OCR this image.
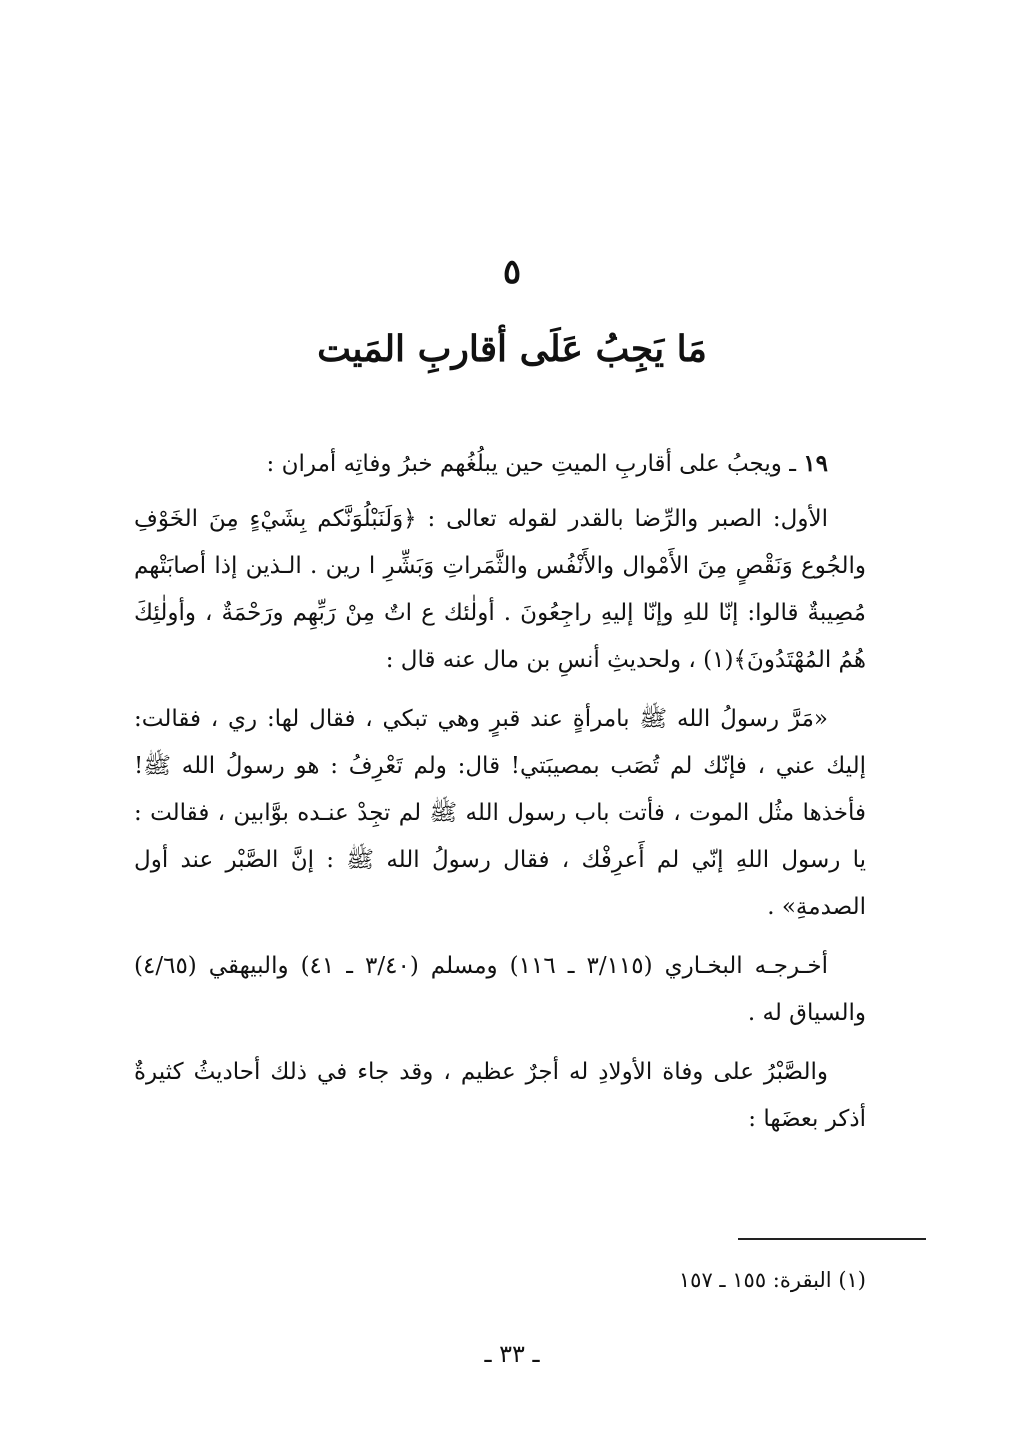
٥
مَا يَجِبُ عَلَى أقاربِ المَيت

١٩ ـ ويجبُ على أقاربِ الميتِ حين يبلُغُهم خبرُ وفاتِه أمران :

الأول: الصبر والرِّضا بالقدر لقوله تعالى : ﴿وَلَنَبْلُوَنَّكم بِشَيْءٍ مِنَ الخَوْفِ والجُوع وَنَقْصٍ مِنَ الأَمْوال والأَنْفُس والثَّمَراتِ وَبَشِّرِ ا رين . الـذين إذا أصابَتْهم مُصِيبةٌ قالوا: إنّا للهِ وإنّا إليهِ راجِعُونَ . أولٰئك ع اتٌ مِنْ رَبِّهِم ورَحْمَةٌ ، وأولٰئِكَ هُمُ المُهْتَدُونَ﴾(١) ، ولحديثِ أنسِ بن مال عنه قال :

«مَرَّ رسولُ الله ﷺ بامرأةٍ عند قبرٍ وهي تبكي ، فقال لها: ري ، فقالت: إليك عني ، فإنّك لم تُصَب بمصيبَتي! قال: ولم تَعْرِفُ : هو رسولُ الله ﷺ! فأخذها مثُل الموت ، فأتت باب رسول الله ﷺ لم تجِدْ عنـده بوَّابين ، فقالت : يا رسول اللهِ إنّي لم أَعرِفْك ، فقال رسولُ الله ﷺ : إنَّ الصَّبْر عند أول الصدمةِ» .

أخـرجـه البخـاري (٣/١١٥ ـ ١١٦) ومسلم (٣/٤٠ ـ ٤١) والبيهقي (٤/٦٥) والسياق له .

والصَّبْرُ على وفاة الأولادِ له أجرٌ عظيم ، وقد جاء في ذلك أحاديثُ كثيرةٌ أذكر بعضَها :

(١) البقرة: ١٥٥ ـ ١٥٧
ـ ٣٣ ـ
